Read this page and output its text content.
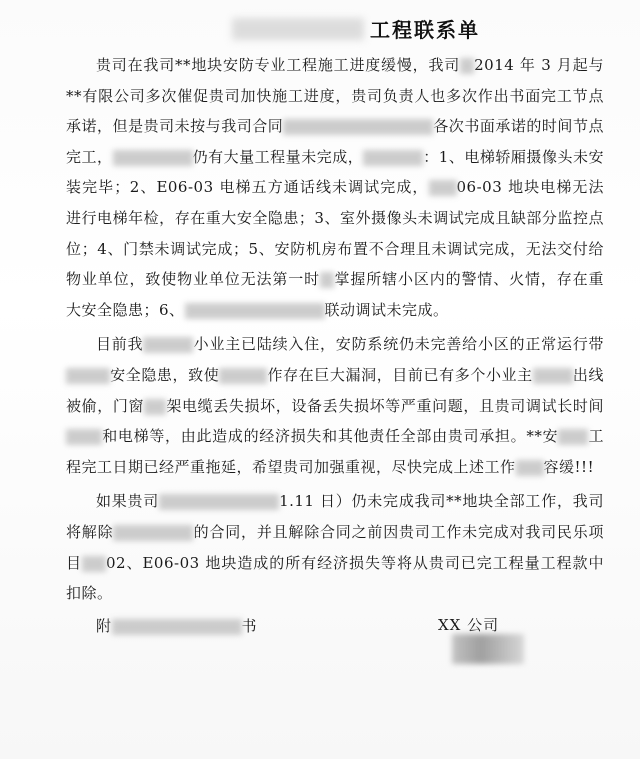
工程联系单

贵司在我司**地块安防专业工程施工进度缓慢，我司 2014 年 3 月起与**有限公司多次催促贵司加快施工进度，贵司负责人也多次作出书面完工节点承诺，但是贵司未按与我司合同	各次书面承诺的时间节点完工，	仍有大量工程量未完成，	：1、电梯轿厢摄像头未安装完毕；2、E06-03 电梯五方通话线未调试完成， 06-03 地块电梯无法进行电梯年检，存在重大安全隐患；3、室外摄像头未调试完成且缺部分监控点位；4、门禁未调试完成；5、安防机房布置不合理且未调试完成，无法交付给物业单位，致使物业单位无法第一时 掌握所辖小区内的警情、火情，存在重大安全隐患；6、	联动调试未完成。

目前我	小业主已陆续入住，安防系统仍未完善给小区的正常运行带安全隐患，致使	作存在巨大漏洞，目前已有多个小业主	出线被偷，门窗 架电缆丢失损坏，设备丢失损坏等严重问题，且贵司调试长时间和电梯等，由此造成的经济损失和其他责任全部由贵司承担。**安 工程完工日期已经严重拖延，希望贵司加强重视，尽快完成上述工作 容缓!!!

如果贵司	1.11 日）仍未完成我司**地块全部工作，我司将解除	的合同，并且解除合同之前因贵司工作未完成对我司民乐项目 02、E06-03 地块造成的所有经济损失等将从贵司已完工程量工程款中扣除。

附	书	XX 公司
